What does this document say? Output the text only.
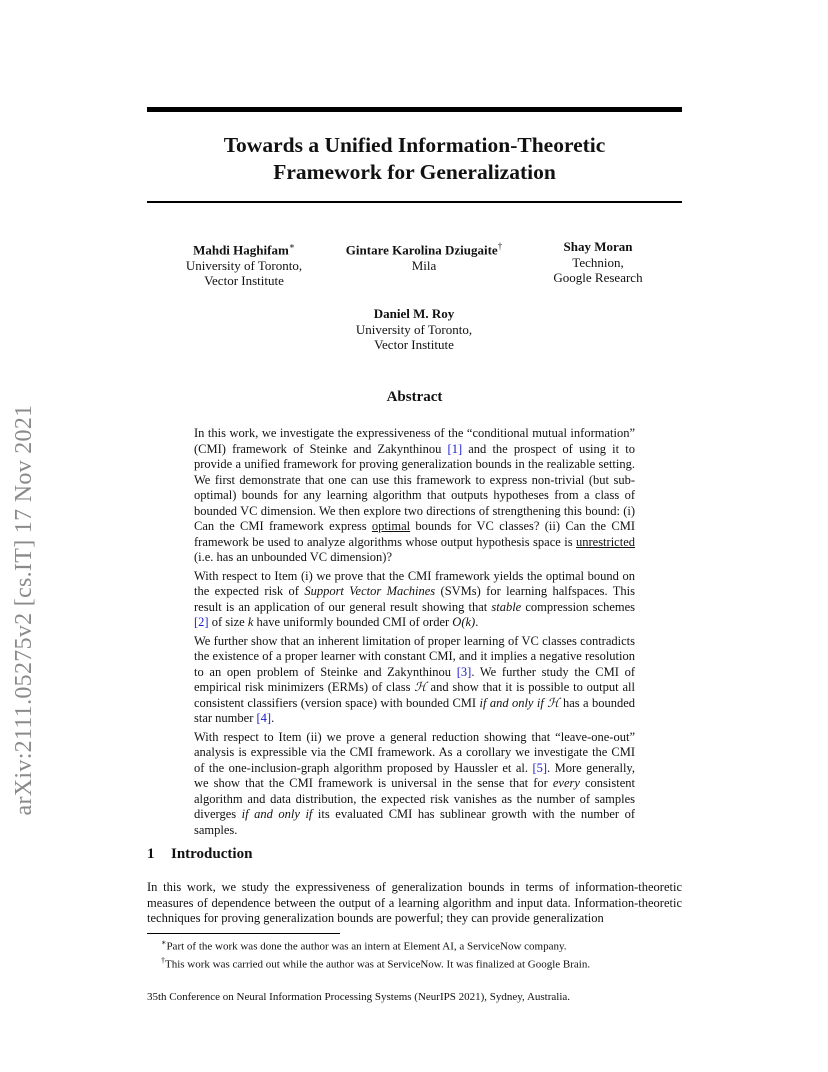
arXiv:2111.05275v2 [cs.IT] 17 Nov 2021
Towards a Unified Information-Theoretic
Framework for Generalization
Mahdi Haghifam∗
University of Toronto,
Vector Institute
Gintare Karolina Dziugaite†
Mila
Shay Moran
Technion,
Google Research
Daniel M. Roy
University of Toronto,
Vector Institute
Abstract

In this work, we investigate the expressiveness of the “conditional mutual information” (CMI) framework of Steinke and Zakynthinou [1] and the prospect of using it to provide a unified framework for proving generalization bounds in the realizable setting. We first demonstrate that one can use this framework to express non-trivial (but sub-optimal) bounds for any learning algorithm that outputs hypotheses from a class of bounded VC dimension. We then explore two directions of strengthening this bound: (i) Can the CMI framework express optimal bounds for VC classes? (ii) Can the CMI framework be used to analyze algorithms whose output hypothesis space is unrestricted (i.e. has an unbounded VC dimension)?

With respect to Item (i) we prove that the CMI framework yields the optimal bound on the expected risk of Support Vector Machines (SVMs) for learning halfspaces. This result is an application of our general result showing that stable compression schemes [2] of size k have uniformly bounded CMI of order O(k).

We further show that an inherent limitation of proper learning of VC classes contradicts the existence of a proper learner with constant CMI, and it implies a negative resolution to an open problem of Steinke and Zakynthinou [3]. We further study the CMI of empirical risk minimizers (ERMs) of class ℋ and show that it is possible to output all consistent classifiers (version space) with bounded CMI if and only if ℋ has a bounded star number [4].

With respect to Item (ii) we prove a general reduction showing that “leave-one-out” analysis is expressible via the CMI framework. As a corollary we investigate the CMI of the one-inclusion-graph algorithm proposed by Haussler et al. [5]. More generally, we show that the CMI framework is universal in the sense that for every consistent algorithm and data distribution, the expected risk vanishes as the number of samples diverges if and only if its evaluated CMI has sublinear growth with the number of samples.

1 Introduction
In this work, we study the expressiveness of generalization bounds in terms of information-theoretic measures of dependence between the output of a learning algorithm and input data. Information-theoretic techniques for proving generalization bounds are powerful; they can provide generalization
∗Part of the work was done the author was an intern at Element AI, a ServiceNow company.
†This work was carried out while the author was at ServiceNow. It was finalized at Google Brain.
35th Conference on Neural Information Processing Systems (NeurIPS 2021), Sydney, Australia.
